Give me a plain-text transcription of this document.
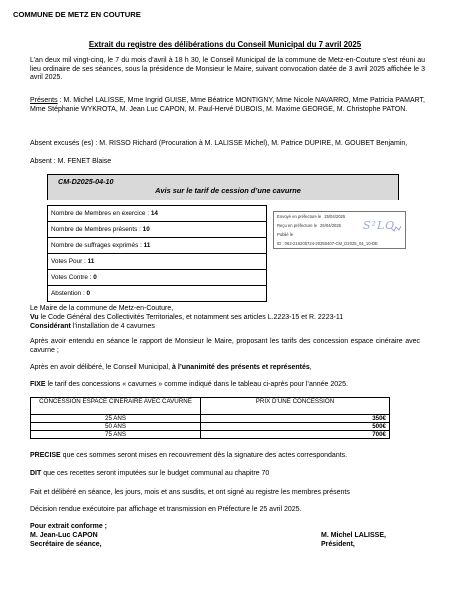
COMMUNE DE METZ EN COUTURE
Extrait du registre des délibérations du Conseil Municipal du 7 avril 2025

L’an deux mil vingt-cinq, le 7 du mois d’avril à 18 h 30, le Conseil Municipal de la commune de Metz-en-Couture s’est réuni au lieu ordinaire de ses séances, sous la présidence de Monsieur le Maire, suivant convocation datée de 3 avril 2025 affichée le 3 avril 2025.

Présents : M. Michel LALISSE, Mme Ingrid GUISE, Mme Béatrice MONTIGNY, Mme Nicole NAVARRO, Mme Patricia PAMART, Mme Stéphanie WYKROTA, M. Jean Luc CAPON, M. Paul-Hervé DUBOIS, M. Maxime GEORGE, M. Christophe PATON.

Absent excusés (es) : M. RISSO Richard (Procuration à M. LALISSE Michel), M. Patrice DUPIRE, M. GOUBET Benjamin,

Absent : M. FENET Blaise

CM-D2025-04-10
Avis sur le tarif de cession d’une cavurne
Nombre de Membres en exercice : 14
Nombre de Membres présents : 10
Nombre de suffrages exprimés : 11
Votes Pour : 11
Votes Contre : 0
Abstention : 0
Envoyé en préfecture le 25/04/2025
Reçu en préfecture le 25/04/2025
Publié le
ID : 062-216205724-20250407-CM_D2025_04_10-DE
S²LO

Le Maire de la commune de Metz-en-Couture,

Vu le Code Général des Collectivités Territoriales, et notamment ses articles L.2223-15 et R. 2223-11

Considérant l’installation de 4 cavurnes

Après avoir entendu en séance le rapport de Monsieur le Maire, proposant les tarifs des concession espace cinéraire avec cavurne ;

Après en avoir délibéré, le Conseil Municipal, à l’unanimité des présents et représentés,

FIXE le tarif des concessions « cavurnes » comme indiqué dans le tableau ci-après pour l’année 2025.

CONCESSION ESPACE CINERAIRE AVEC CAVURNE	PRIX D’UNE CONCESSION
25 ANS	350€
50 ANS	500€
75 ANS	700€

PRECISE que ces sommes seront mises en recouvrement dès la signature des actes correspondants.

DIT que ces recettes seront imputées sur le budget communal au chapitre 70

Fait et délibéré en séance, les jours, mois et ans susdits, et ont signé au registre les membres présents

Décision rendue exécutoire par affichage et transmission en Préfecture le 25 avril 2025.

Pour extrait conforme ;

M. Jean-Luc CAPON

Secrétaire de séance,

M. Michel LALISSE,

Président,
